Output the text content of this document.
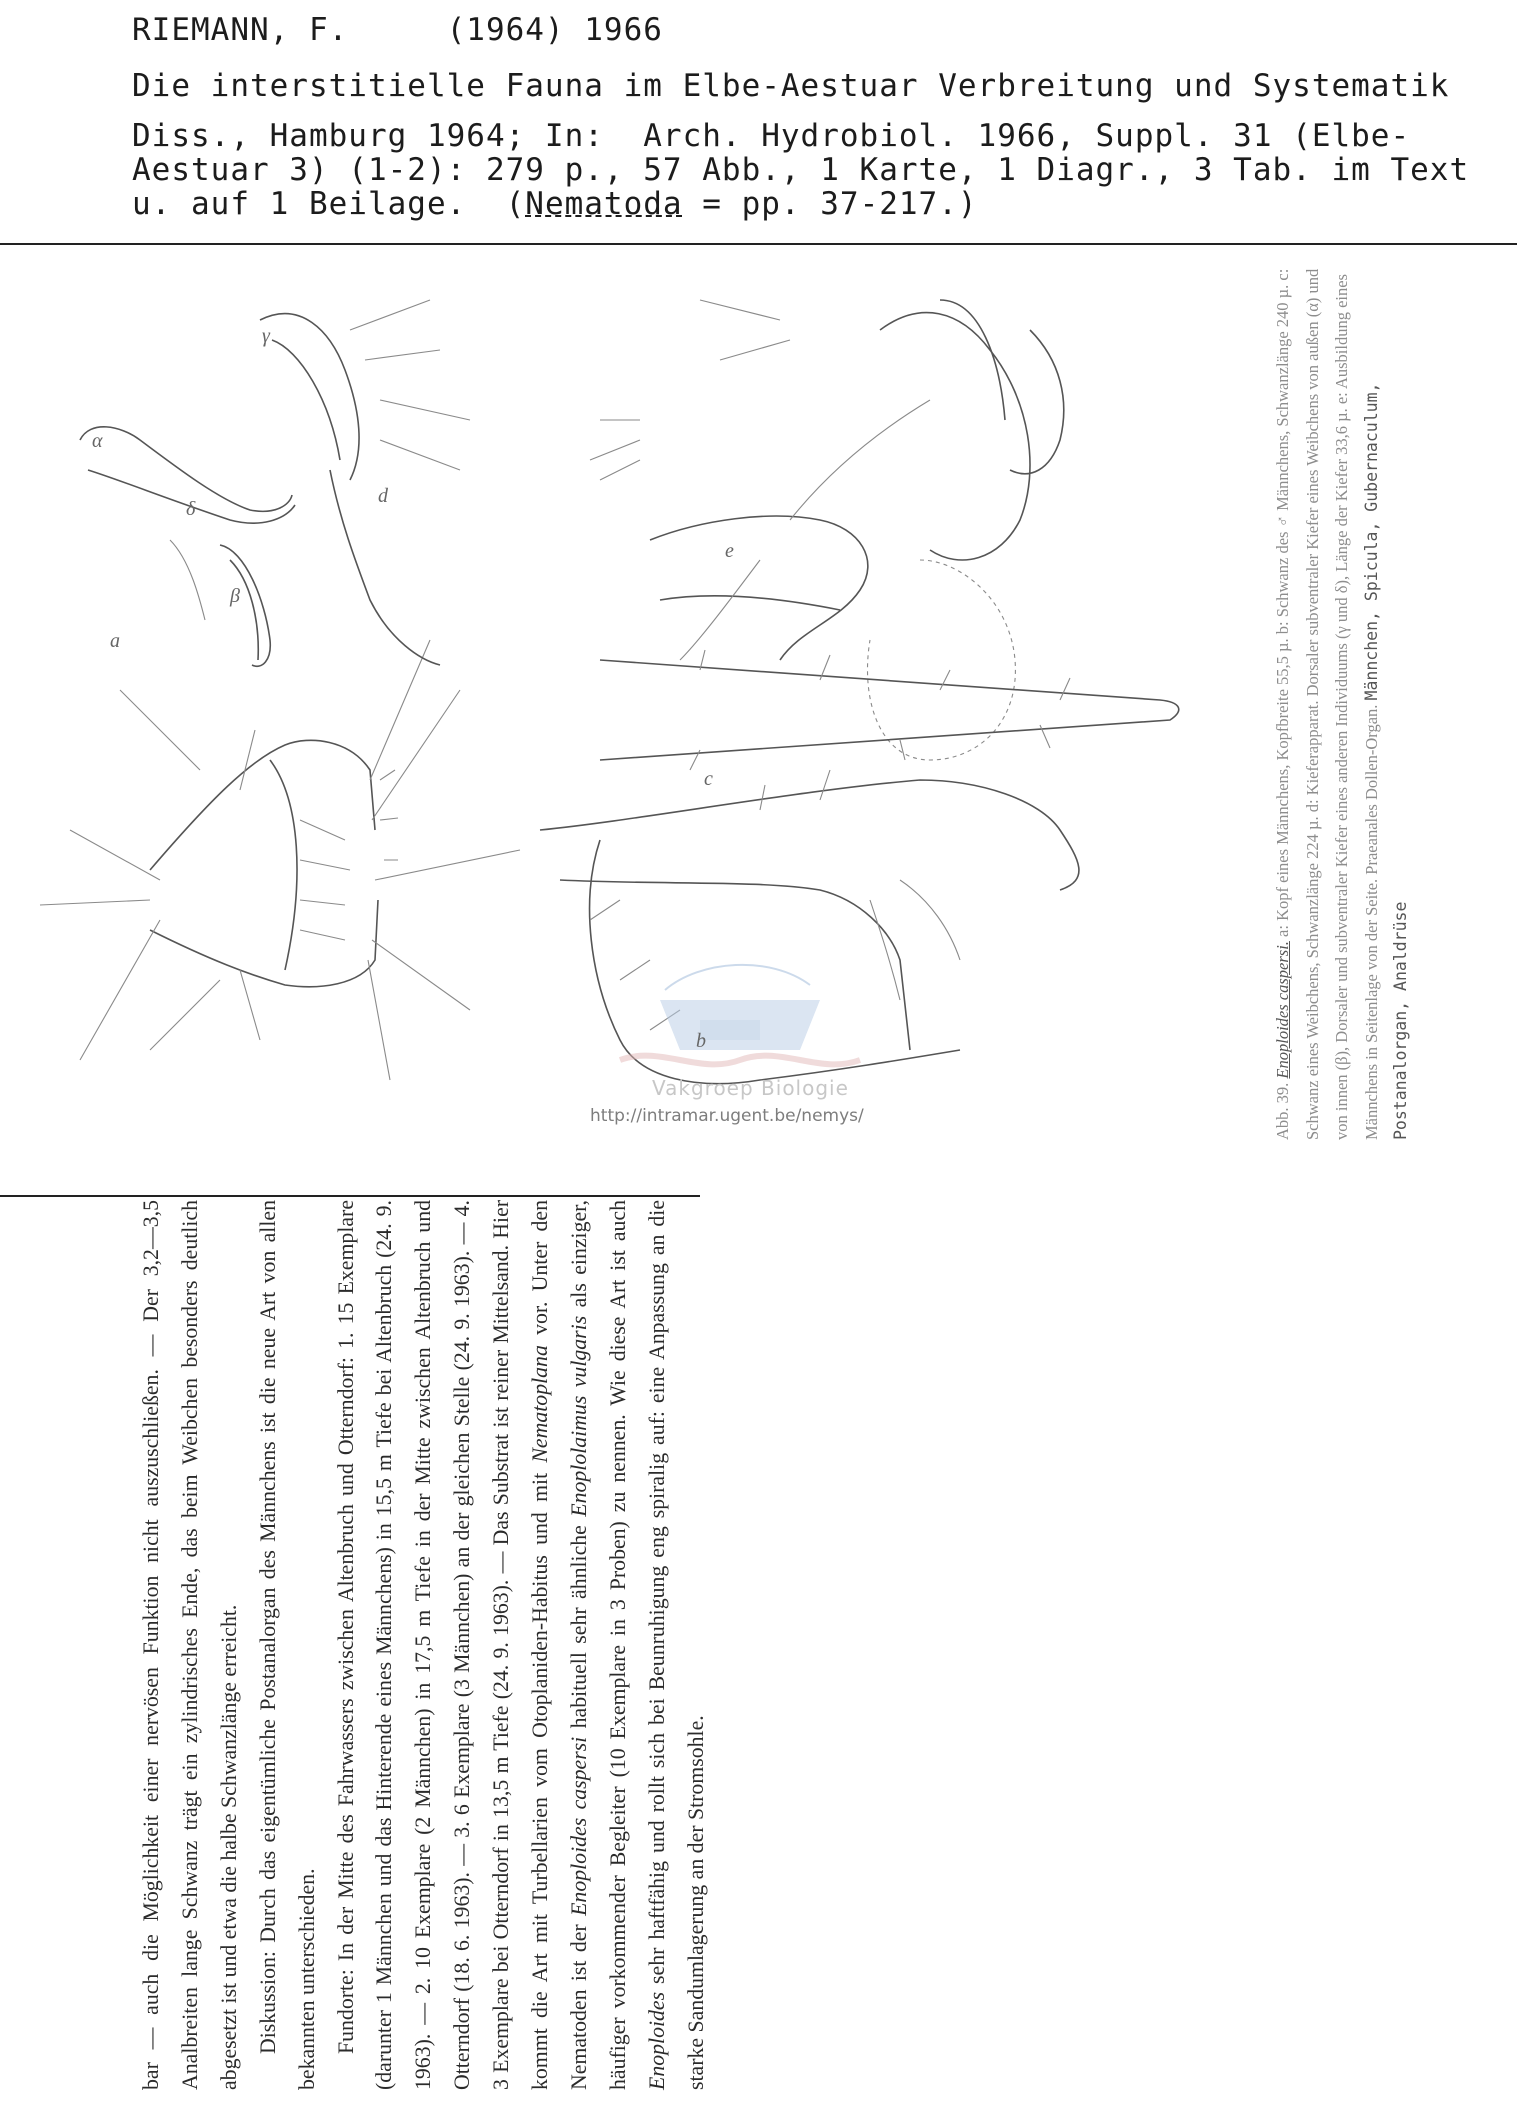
RIEMANN, F.     (1964) 1966
Die interstitielle Fauna im Elbe-Aestuar Verbreitung und Systematik
Diss., Hamburg 1964; In:  Arch. Hydrobiol. 1966, Suppl. 31 (Elbe-
Aestuar 3) (1-2): 279 p., 57 Abb., 1 Karte, 1 Diagr., 3 Tab. im Text
u. auf 1 Beilage.  (Nematoda = pp. 37-217.)
α
β
γ
δ
a
b
c
d
e
Vakgroep Biologie
http://intramar.ugent.be/nemys/	Abb. 39. Enoploides caspersi. a: Kopf eines Männchens, Kopfbreite 55,5 µ. b: Schwanz des ♂ Männchens, Schwanzlänge 240 µ. c: Schwanz eines Weibchens, Schwanzlänge 224 µ. d: Kieferapparat. Dorsaler subventraler Kiefer eines Weibchens von außen (α) und von innen (β), Dorsaler und subventraler Kiefer eines anderen Individuums (γ und δ), Länge der Kiefer 33,6 µ. e: Ausbildung eines Männchens in Seitenlage von der Seite. Praeanales Dollen-Organ. Männchen, Spicula, Gubernaculum, Postanalorgan, Analdrüse

bar — auch die Möglichkeit einer nervösen Funktion nicht auszuschließen. — Der 3,2—3,5 Analbreiten lange Schwanz trägt ein zylindrisches Ende, das beim Weibchen besonders deutlich abgesetzt ist und etwa die halbe Schwanzlänge erreicht. Diskussion: Durch das eigentümliche Postanalorgan des Männchens ist die neue Art von allen bekannten unterschieden. Fundorte: In der Mitte des Fahrwassers zwischen Altenbruch und Otterndorf: 1. 15 Exemplare (darunter 1 Männchen und das Hinterende eines Männchens) in 15,5 m Tiefe bei Altenbruch (24. 9. 1963). — 2. 10 Exemplare (2 Männchen) in 17,5 m Tiefe in der Mitte zwischen Altenbruch und Otterndorf (18. 6. 1963). — 3. 6 Exemplare (3 Männchen) an der gleichen Stelle (24. 9. 1963). — 4. 3 Exemplare bei Otterndorf in 13,5 m Tiefe (24. 9. 1963). — Das Substrat ist reiner Mittelsand. Hier kommt die Art mit Turbellarien vom Otoplaniden-Habitus und mit Nematoplana vor. Unter den Nematoden ist der Enoploides caspersi habituell sehr ähnliche Enoplolaimus vulgaris als einziger, häufiger vorkommender Begleiter (10 Exemplare in 3 Proben) zu nennen. Wie diese Art ist auch Enoploides sehr haftfähig und rollt sich bei Beunruhigung eng spiralig auf: eine Anpassung an die starke Sandumlagerung an der Stromsohle.
